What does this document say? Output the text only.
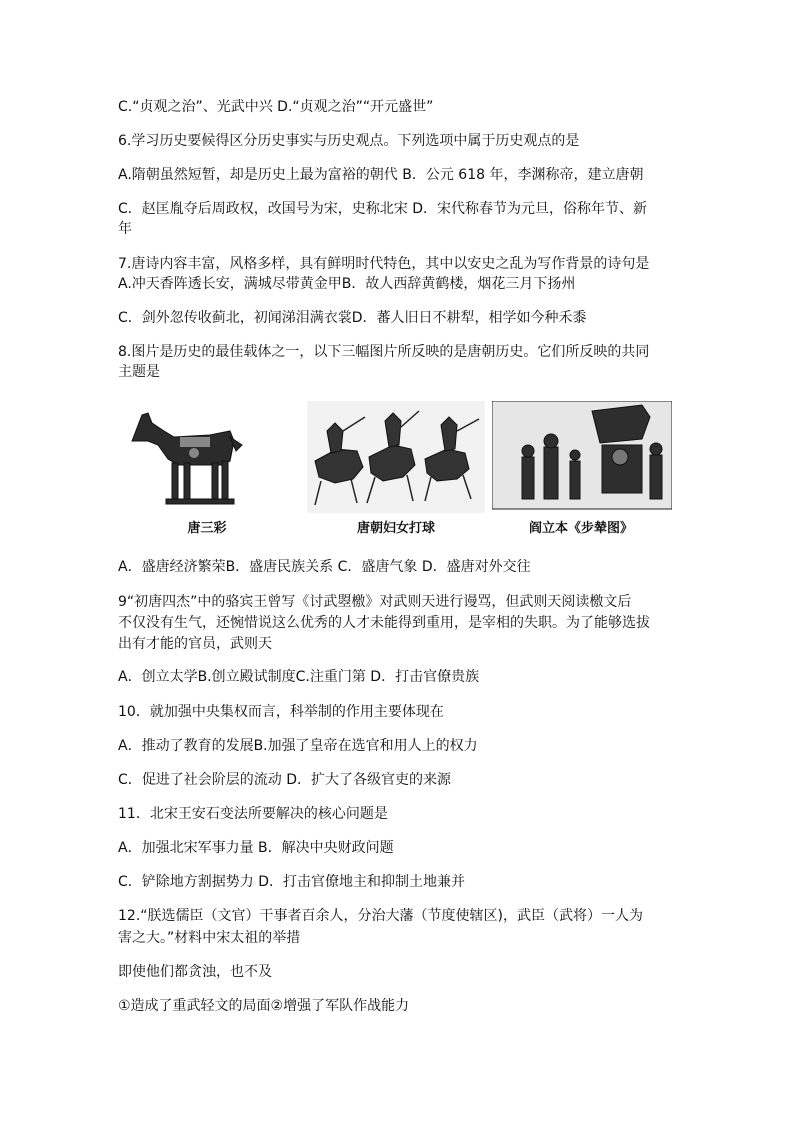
C.“贞观之治”、光武中兴 D.“贞观之治”“开元盛世”
6.学习历史要候得区分历史事实与历史观点。下列选项中属于历史观点的是
A.隋朝虽然短暂，却是历史上最为富裕的朝代 B．公元 618 年，李渊称帝，建立唐朝
C．赵匡胤夺后周政权，改国号为宋，史称北宋 D．宋代称春节为元旦，俗称年节、新
年
7.唐诗内容丰富，风格多样，具有鲜明时代特色，其中以安史之乱为写作背景的诗句是
A.冲天香阵透长安，满城尽带黄金甲B．故人西辞黄鹤楼，烟花三月下扬州
C．剑外忽传收蓟北，初闻涕泪满衣裳D．蕃人旧日不耕犁，相学如今种禾黍
8.图片是历史的最佳载体之一，以下三幅图片所反映的是唐朝历史。它们所反映的共同
主题是
唐三彩	唐朝妇女打球	阎立本《步辇图》
A．盛唐经济繁荣B．盛唐民族关系 C．盛唐气象 D．盛唐对外交往
9“初唐四杰”中的骆宾王曾写《讨武曌檄》对武则天进行谩骂，但武则天阅读檄文后
不仅没有生气，还惋惜说这么优秀的人才未能得到重用，是宰相的失职。为了能够选拔
出有才能的官员，武则天
A．创立太学B.创立殿试制度C.注重门第 D．打击官僚贵族
10．就加强中央集权而言，科举制的作用主要体现在
A．推动了教育的发展B.加强了皇帝在选官和用人上的权力
C．促进了社会阶层的流动 D．扩大了各级官吏的来源
11．北宋王安石变法所要解决的核心问题是
A．加强北宋军事力量 B．解决中央财政问题
C．铲除地方割据势力 D．打击官僚地主和抑制土地兼并
12.“朕选儒臣（文官）干事者百余人，分治大藩（节度使辖区)，武臣（武将）一人为
害之大。”材料中宋太祖的举措
即使他们都贪浊，也不及
①造成了重武轻文的局面②增强了军队作战能力
